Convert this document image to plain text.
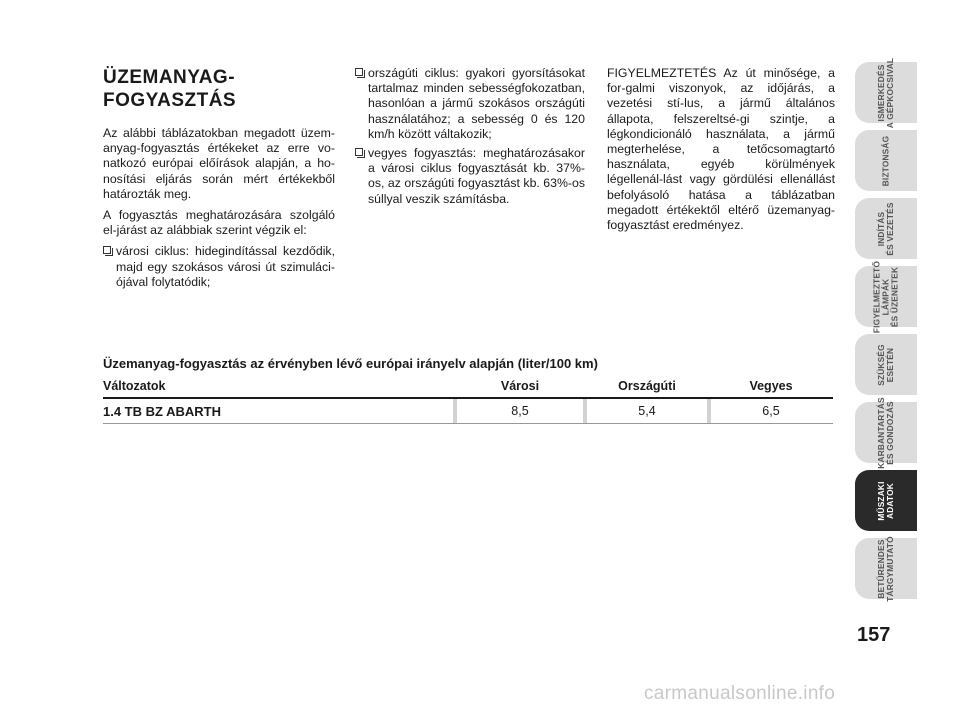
ÜZEMANYAG-
FOGYASZTÁS

Az alábbi táblázatokban megadott üzem-anyag-fogyasztás értékeket az erre vo-natkozó európai előírások alapján, a ho-nosítási eljárás során mért értékekből határozták meg.

A fogyasztás meghatározására szolgáló el-járást az alábbiak szerint végzik el:

városi ciklus: hidegindítással kezdődik, majd egy szokásos városi út szimuláci-ójával folytatódik;
országúti ciklus: gyakori gyorsításokat tartalmaz minden sebességfokozatban, hasonlóan a jármű szokásos országúti használatához; a sebesség 0 és 120 km/h között váltakozik;
vegyes fogyasztás: meghatározásakor a városi ciklus fogyasztását kb. 37%-os, az országúti fogyasztást kb. 63%-os súllyal veszik számításba.

FIGYELMEZTETÉS Az út minősége, a for-galmi viszonyok, az időjárás, a vezetési stí-lus, a jármű általános állapota, felszereltsé-gi szintje, a légkondicionáló használata, a jármű megterhelése, a tetőcsomagtartó használata, egyéb körülmények légellenál-lást vagy gördülési ellenállást befolyásoló hatása a táblázatban megadott értékektől eltérő üzemanyag-fogyasztást eredményez.

Üzemanyag-fogyasztás az érvényben lévő európai irányelv alapján (liter/100 km)
Változatok	Városi	Országúti	Vegyes
1.4 TB BZ ABARTH	8,5	5,4	6,5
ISMERKEDÉS
A GÉPKOCSIVAL
BIZTONSÁG
INDÍTÁS
ÉS VEZETÉS
FIGYELMEZTETŐ
LÁMPÁK
ÉS ÜZENETEK
SZÜKSÉG
ESETÉN
KARBANTARTÁS
ÉS GONDOZÁS
MŰSZAKI
ADATOK
BETŰRENDES
TÁRGYMUTATÓ
157
carmanualsonline.info
